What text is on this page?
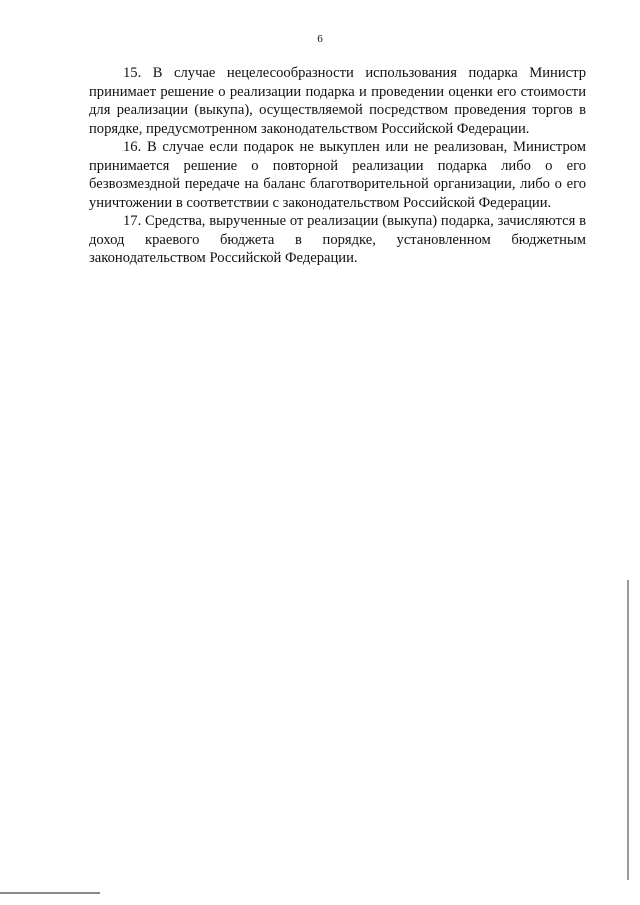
6

15. В случае нецелесообразности использования подарка Министр принимает решение о реализации подарка и проведении оценки его стоимости для реализации (выкупа), осуществляемой посредством проведения торгов в порядке, предусмотренном законодательством Российской Федерации.

16. В случае если подарок не выкуплен или не реализован, Министром принимается решение о повторной реализации подарка либо о его безвозмездной передаче на баланс благотворительной организации, либо о его уничтожении в соответствии с законодательством Российской Федерации.

17. Средства, вырученные от реализации (выкупа) подарка, зачисляются в доход краевого бюджета в порядке, установленном бюджетным законодательством Российской Федерации.
